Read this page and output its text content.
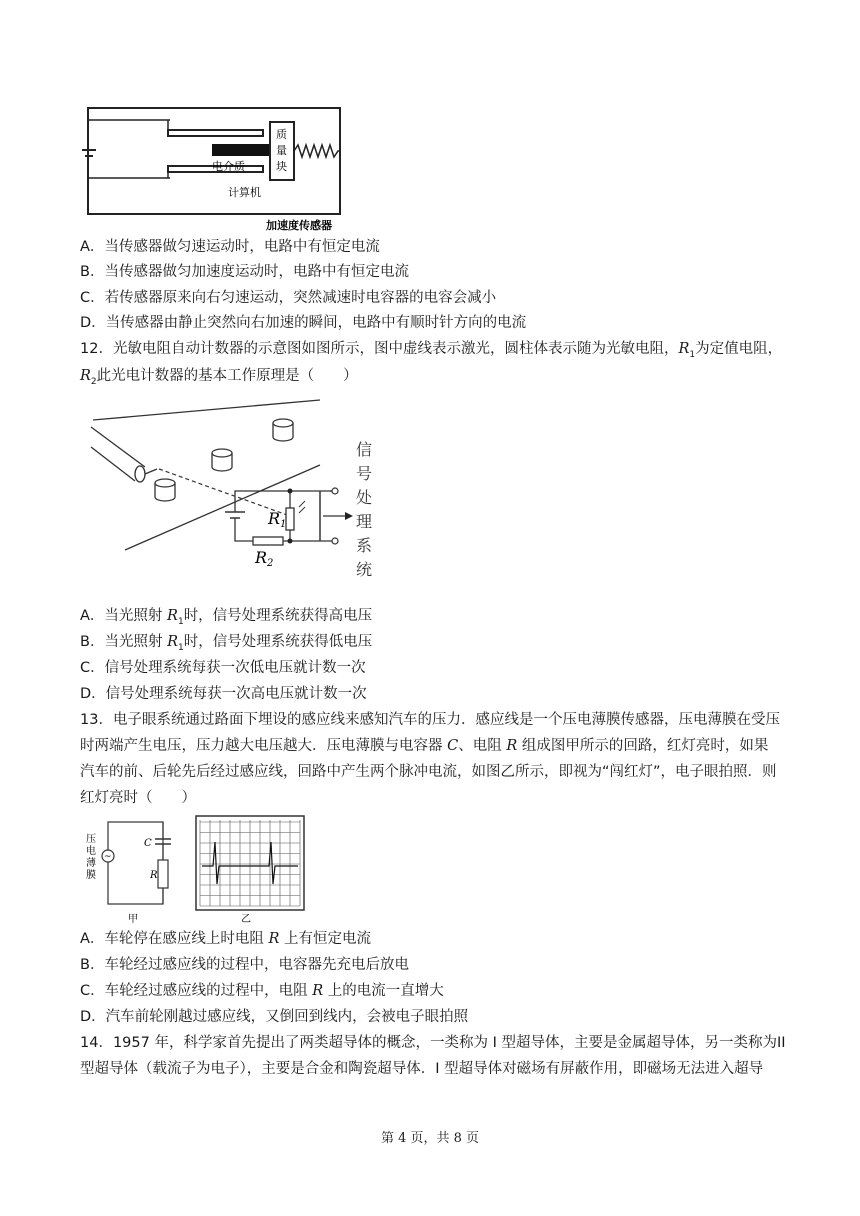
电介质
质
量
块
计算机
加速度传感器
A．当传感器做匀速运动时，电路中有恒定电流
B．当传感器做匀加速度运动时，电路中有恒定电流
C．若传感器原来向右匀速运动，突然减速时电容器的电容会减小
D．当传感器由静止突然向右加速的瞬间，电路中有顺时针方向的电流
12．光敏电阻自动计数器的示意图如图所示，图中虚线表示激光，圆柱体表示随为光敏电阻，$R_1$为定值电阻，
$R_2$此光电计数器的基本工作原理是（　　）
R1
R2
信
号
处
理
系
统
A．当光照射 $R_1$时，信号处理系统获得高电压
B．当光照射 $R_1$时，信号处理系统获得低电压
C．信号处理系统每获一次低电压就计数一次
D．信号处理系统每获一次高电压就计数一次
13．电子眼系统通过路面下埋设的感应线来感知汽车的压力．感应线是一个压电薄膜传感器，压电薄膜在受压
时两端产生电压，压力越大电压越大．压电薄膜与电容器 C、电阻 R 组成图甲所示的回路，红灯亮时，如果
汽车的前、后轮先后经过感应线，回路中产生两个脉冲电流，如图乙所示，即视为“闯红灯”，电子眼拍照．则
红灯亮时（　　）
~
C
R
压
电
薄
膜
甲	乙
A．车轮停在感应线上时电阻 R 上有恒定电流
B．车轮经过感应线的过程中，电容器先充电后放电
C．车轮经过感应线的过程中，电阻 R 上的电流一直增大
D．汽车前轮刚越过感应线，又倒回到线内，会被电子眼拍照
14．1957 年，科学家首先提出了两类超导体的概念，一类称为 I 型超导体，主要是金属超导体，另一类称为II
型超导体（载流子为电子），主要是合金和陶瓷超导体．I 型超导体对磁场有屏蔽作用，即磁场无法进入超导
第 4 页，共 8 页
